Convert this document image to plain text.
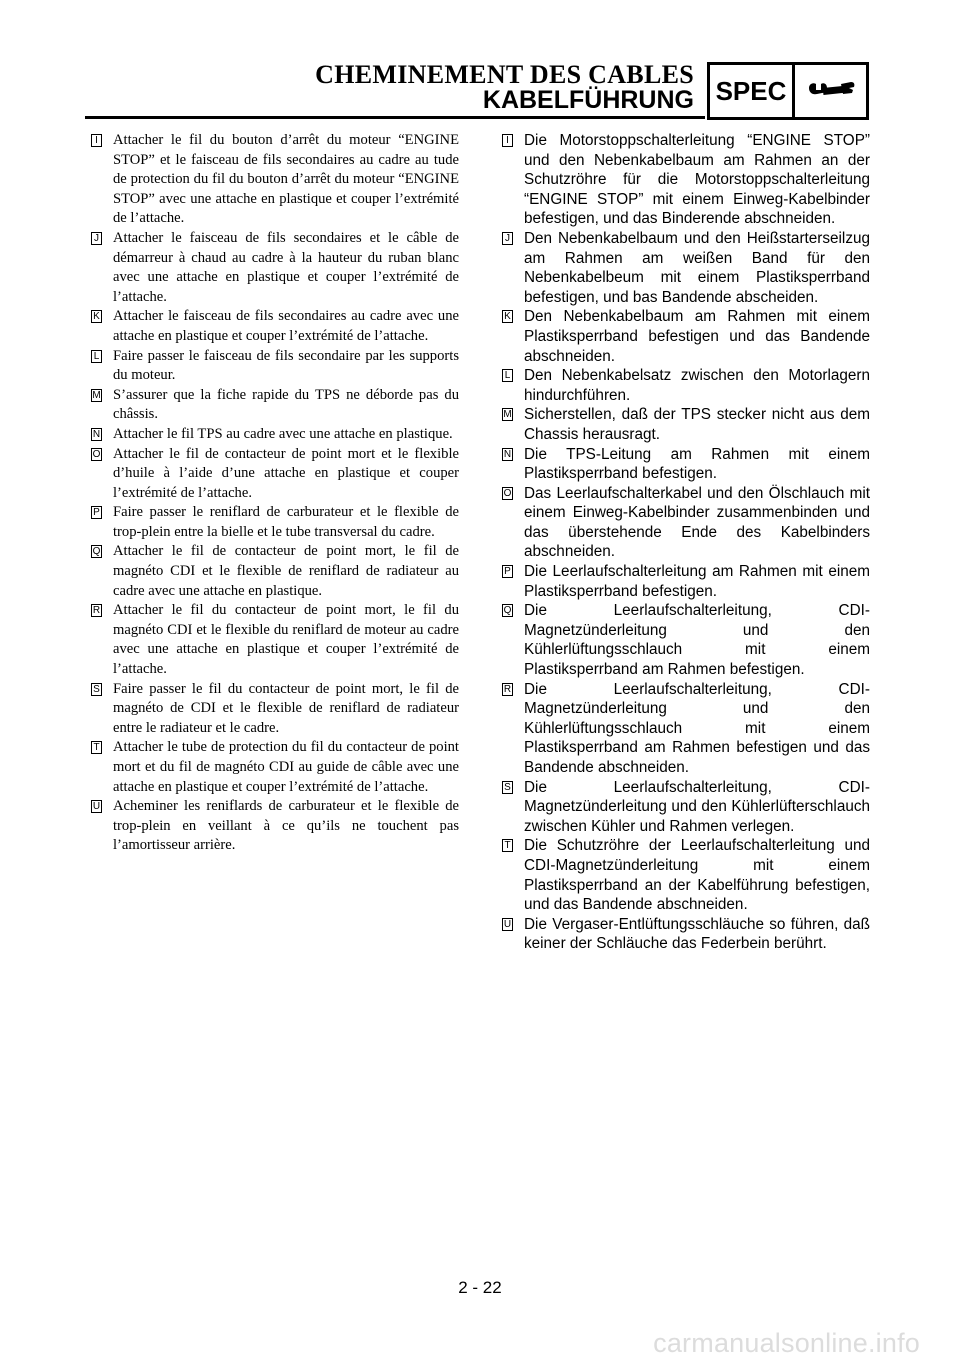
CHEMINEMENT DES CABLES
KABELFÜHRUNG SPEC
I Attacher le fil du bouton d’arrêt du moteur “ENGINE STOP” et le faisceau de fils secondaires au cadre au tude de protection du fil du bouton d’arrêt du moteur “ENGINE STOP” avec une attache en plastique et couper l’extrémité de l’attache.
J Attacher le faisceau de fils secondaires et le câble de démarreur à chaud au cadre à la hauteur du ruban blanc avec une attache en plastique et couper l’extrémité de l’attache.
K Attacher le faisceau de fils secondaires au cadre avec une attache en plastique et couper l’extrémité de l’attache.
L Faire passer le faisceau de fils secondaire par les supports du moteur.
M S’assurer que la fiche rapide du TPS ne déborde pas du châssis.
N Attacher le fil TPS au cadre avec une attache en plastique.
O Attacher le fil de contacteur de point mort et le flexible d’huile à l’aide d’une attache en plastique et couper l’extrémité de l’attache.
P Faire passer le reniflard de carburateur et le flexible de trop-plein entre la bielle et le tube transversal du cadre.
Q Attacher le fil de contacteur de point mort, le fil de magnéto CDI et le flexible de reniflard de radiateur au cadre avec une attache en plastique.
R Attacher le fil du contacteur de point mort, le fil du magnéto CDI et le flexible du reniflard de moteur au cadre avec une attache en plastique et couper l’extrémité de l’attache.
S Faire passer le fil du contacteur de point mort, le fil de magnéto de CDI et le flexible de reniflard de radiateur entre le radiateur et le cadre.
T Attacher le tube de protection du fil du contacteur de point mort et du fil de magnéto CDI au guide de câble avec une attache en plastique et couper l’extrémité de l’attache.
U Acheminer les reniflards de carburateur et le flexible de trop-plein en veillant à ce qu’ils ne touchent pas l’amortisseur arrière.
I Die Motorstoppschalterleitung “ENGINE STOP” und den Nebenkabelbaum am Rahmen an der Schutzröhre für die Motorstoppschalterleitung “ENGINE STOP” mit einem Einweg-Kabelbinder befestigen, und das Binderende abschneiden.
J Den Nebenkabelbaum und den Heißstarterseilzug am Rahmen am weißen Band für den Nebenkabelbeum mit einem Plastiksperrband befestigen, und bas Bandende abscheiden.
K Den Nebenkabelbaum am Rahmen mit einem Plastiksperrband befestigen und das Bandende abschneiden.
L Den Nebenkabelsatz zwischen den Motorlagern hindurchführen.
M Sicherstellen, daß der TPS stecker nicht aus dem Chassis herausragt.
N Die TPS-Leitung am Rahmen mit einem Plastiksperrband befestigen.
O Das Leerlaufschalterkabel und den Ölschlauch mit einem Einweg-Kabelbinder zusammenbinden und das überstehende Ende des Kabelbinders abschneiden.
P Die Leerlaufschalterleitung am Rahmen mit einem Plastiksperrband befestigen.
Q Die Leerlaufschalterleitung, CDI-Magnetzünderleitung und den Kühlerlüftungsschlauch mit einem Plastiksperrband am Rahmen befestigen.
R Die Leerlaufschalterleitung, CDI-Magnetzünderleitung und den Kühlerlüftungsschlauch mit einem Plastiksperrband am Rahmen befestigen und das Bandende abschneiden.
S Die Leerlaufschalterleitung, CDI-Magnetzünderleitung und den Kühlerlüfterschlauch zwischen Kühler und Rahmen verlegen.
T Die Schutzröhre der Leerlaufschalterleitung und CDI-Magnetzünderleitung mit einem Plastiksperrband an der Kabelführung befestigen, und das Bandende abschneiden.
U Die Vergaser-Entlüftungsschläuche so führen, daß keiner der Schläuche das Federbein berührt.
2 - 22
carmanualsonline.info
